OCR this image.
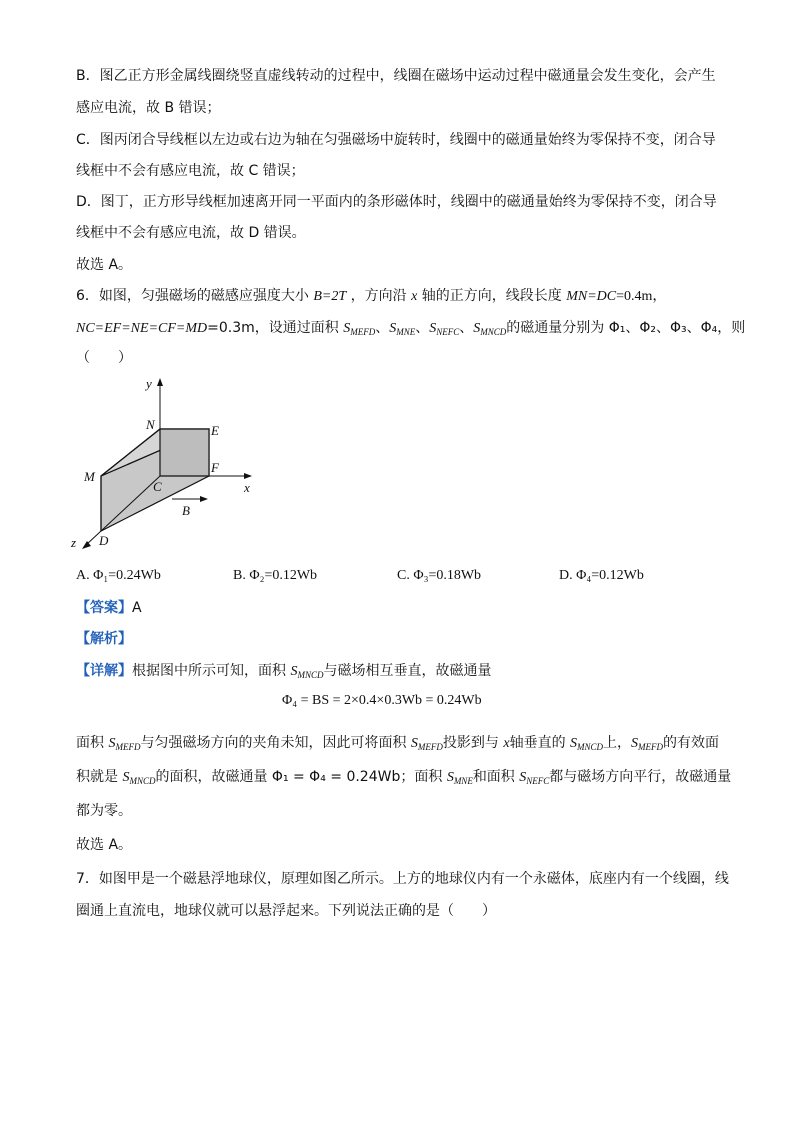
B．图乙正方形金属线圈绕竖直虚线转动的过程中，线圈在磁场中运动过程中磁通量会发生变化，会产生
感应电流，故 B 错误；
C．图丙闭合导线框以左边或右边为轴在匀强磁场中旋转时，线圈中的磁通量始终为零保持不变，闭合导
线框中不会有感应电流，故 C 错误；
D．图丁，正方形导线框加速离开同一平面内的条形磁体时，线圈中的磁通量始终为零保持不变，闭合导
线框中不会有感应电流，故 D 错误。
故选 A。
6．如图，匀强磁场的磁感应强度大小 B=2T ，方向沿 x 轴的正方向，线段长度 MN=DC=0.4m，
NC=EF=NE=CF=MD=0.3m，设通过面积 $S_{MEFD}$、$S_{MNE}$、$S_{NEFC}$、$S_{MNCD}$的磁通量分别为 Φ₁、Φ₂、Φ₃、Φ₄，则
（　　）
y
N	E
M
F
C	x
B
z D
A. Φ₁=0.24Wb	B. Φ₂=0.12Wb	C. Φ₃=0.18Wb	D. Φ₄=0.12Wb
【答案】A
【解析】
【详解】根据图中所示可知，面积 $S_{MNCD}$与磁场相互垂直，故磁通量
Φ₄ = BS = 2×0.4×0.3Wb = 0.24Wb
面积 $S_{MEFD}$与匀强磁场方向的夹角未知，因此可将面积 $S_{MEFD}$投影到与 x轴垂直的 $S_{MNCD}$上，$S_{MEFD}$的有效面
积就是 $S_{MNCD}$的面积，故磁通量 Φ₁ = Φ₄ = 0.24Wb；面积 $S_{MNE}$和面积 $S_{NEFC}$都与磁场方向平行，故磁通量
都为零。
故选 A。
7．如图甲是一个磁悬浮地球仪，原理如图乙所示。上方的地球仪内有一个永磁体，底座内有一个线圈，线
圈通上直流电，地球仪就可以悬浮起来。下列说法正确的是（　　）
